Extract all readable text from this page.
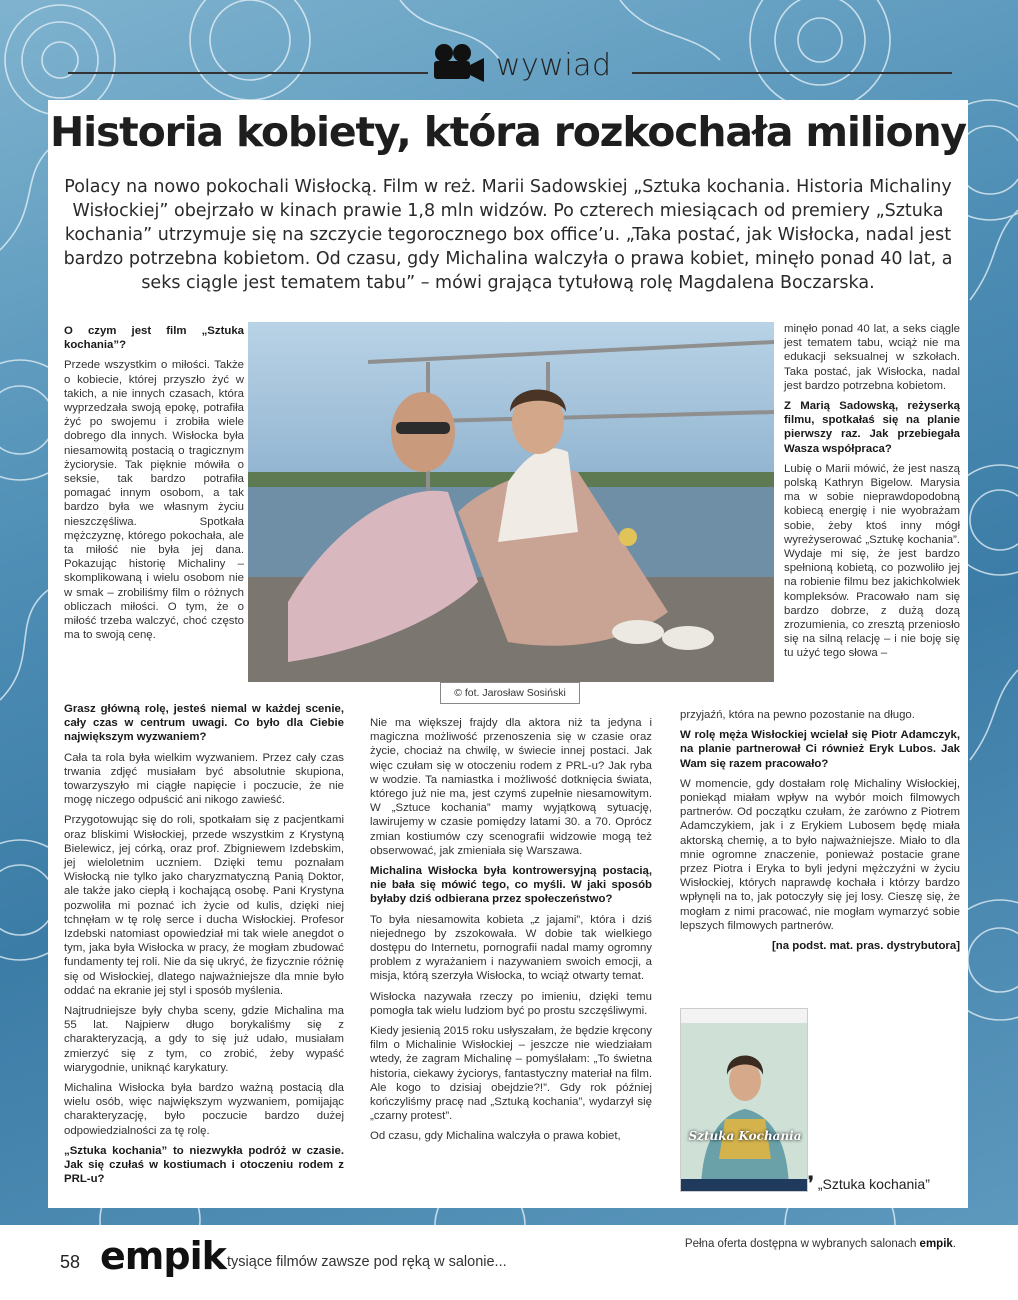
wywiad
Historia kobiety, która rozkochała miliony
Polacy na nowo pokochali Wisłocką. Film w reż. Marii Sadowskiej „Sztuka kochania. Historia Michaliny Wisłockiej” obejrzało w kinach prawie 1,8 mln widzów. Po czterech miesiącach od premiery „Sztuka kochania” utrzymuje się na szczycie tegorocznego box office’u. „Taka postać, jak Wisłocka, nadal jest bardzo potrzebna kobietom. Od czasu, gdy Michalina walczyła o prawa kobiet, minęło ponad 40 lat, a seks ciągle jest tematem tabu” – mówi grająca tytułową rolę Magdalena Boczarska.

O czym jest film „Sztuka kochania”?

Przede wszystkim o miłości. Także o kobiecie, której przyszło żyć w takich, a nie innych czasach, która wyprzedzała swoją epokę, potrafiła żyć po swojemu i zrobiła wiele dobrego dla innych. Wisłocka była niesamowitą postacią o tragicznym życiorysie. Tak pięknie mówiła o seksie, tak bardzo potrafiła pomagać innym osobom, a tak bardzo była we własnym życiu nieszczęśliwa. Spotkała mężczyznę, którego pokochała, ale ta miłość nie była jej dana. Pokazując historię Michaliny – skomplikowaną i wielu osobom nie w smak – zrobiliśmy film o różnych obliczach miłości. O tym, że o miłość trzeba walczyć, choć często ma to swoją cenę.

© fot. Jarosław Sosiński

Grasz główną rolę, jesteś niemal w każdej scenie, cały czas w centrum uwagi. Co było dla Ciebie największym wyzwaniem?

Cała ta rola była wielkim wyzwaniem. Przez cały czas trwania zdjęć musiałam być absolutnie skupiona, towarzyszyło mi ciągłe napięcie i poczucie, że nie mogę niczego odpuścić ani nikogo zawieść.

Przygotowując się do roli, spotkałam się z pacjentkami oraz bliskimi Wisłockiej, przede wszystkim z Krystyną Bielewicz, jej córką, oraz prof. Zbigniewem Izdebskim, jej wieloletnim uczniem. Dzięki temu poznałam Wisłocką nie tylko jako charyzmatyczną Panią Doktor, ale także jako ciepłą i kochającą osobę. Pani Krystyna pozwoliła mi poznać ich życie od kulis, dzięki niej tchnęłam w tę rolę serce i ducha Wisłockiej. Profesor Izdebski natomiast opowiedział mi tak wiele anegdot o tym, jaka była Wisłocka w pracy, że mogłam zbudować fundamenty tej roli. Nie da się ukryć, że fizycznie różnię się od Wisłockiej, dlatego najważniejsze dla mnie było oddać na ekranie jej styl i sposób myślenia.

Najtrudniejsze były chyba sceny, gdzie Michalina ma 55 lat. Najpierw długo borykaliśmy się z charakteryzacją, a gdy to się już udało, musiałam zmierzyć się z tym, co zrobić, żeby wypaść wiarygodnie, uniknąć karykatury.

Michalina Wisłocka była bardzo ważną postacią dla wielu osób, więc największym wyzwaniem, pomijając charakteryzację, było poczucie bardzo dużej odpowiedzialności za tę rolę.

„Sztuka kochania” to niezwykła podróż w czasie. Jak się czułaś w kostiumach i otoczeniu rodem z PRL-u?

Nie ma większej frajdy dla aktora niż ta jedyna i magiczna możliwość przenoszenia się w czasie oraz życie, chociaż na chwilę, w świecie innej postaci. Jak więc czułam się w otoczeniu rodem z PRL-u? Jak ryba w wodzie. Ta namiastka i możliwość dotknięcia świata, którego już nie ma, jest czymś zupełnie niesamowitym. W „Sztuce kochania” mamy wyjątkową sytuację, lawirujemy w czasie pomiędzy latami 30. a 70. Oprócz zmian kostiumów czy scenografii widzowie mogą też obserwować, jak zmieniała się Warszawa.

Michalina Wisłocka była kontrowersyjną postacią, nie bała się mówić tego, co myśli. W jaki sposób byłaby dziś odbierana przez społeczeństwo?

To była niesamowita kobieta „z jajami”, która i dziś niejednego by zszokowała. W dobie tak wielkiego dostępu do Internetu, pornografii nadal mamy ogromny problem z wyrażaniem i nazywaniem swoich emocji, a misja, którą szerzyła Wisłocka, to wciąż otwarty temat.

Wisłocka nazywała rzeczy po imieniu, dzięki temu pomogła tak wielu ludziom być po prostu szczęśliwymi.

Kiedy jesienią 2015 roku usłyszałam, że będzie kręcony film o Michalinie Wisłockiej – jeszcze nie wiedziałam wtedy, że zagram Michalinę – pomyślałam: „To świetna historia, ciekawy życiorys, fantastyczny materiał na film. Ale kogo to dzisiaj obejdzie?!”. Gdy rok później kończyliśmy pracę nad „Sztuką kochania”, wydarzył się „czarny protest”.

Od czasu, gdy Michalina walczyła o prawa kobiet,

minęło ponad 40 lat, a seks ciągle jest tematem tabu, wciąż nie ma edukacji seksualnej w szkołach. Taka postać, jak Wisłocka, nadal jest bardzo potrzebna kobietom.

Z Marią Sadowską, reżyserką filmu, spotkałaś się na planie pierwszy raz. Jak przebiegała Wasza współpraca?

Lubię o Marii mówić, że jest naszą polską Kathryn Bigelow. Marysia ma w sobie nieprawdopodobną kobiecą energię i nie wyobrażam sobie, żeby ktoś inny mógł wyreżyserować „Sztukę kochania”. Wydaje mi się, że jest bardzo spełnioną kobietą, co pozwoliło jej na robienie filmu bez jakichkolwiek kompleksów. Pracowało nam się bardzo dobrze, z dużą dozą zrozumienia, co zresztą przeniosło się na silną relację – i nie boję się tu użyć tego słowa –

przyjaźń, która na pewno pozostanie na długo.

W rolę męża Wisłockiej wcielał się Piotr Adamczyk, na planie partnerował Ci również Eryk Lubos. Jak Wam się razem pracowało?

W momencie, gdy dostałam rolę Michaliny Wisłockiej, poniekąd miałam wpływ na wybór moich filmowych partnerów. Od początku czułam, że zarówno z Piotrem Adamczykiem, jak i z Erykiem Lubosem będę miała aktorską chemię, a to było najważniejsze. Miało to dla mnie ogromne znaczenie, ponieważ postacie grane przez Piotra i Eryka to byli jedyni mężczyźni w życiu Wisłockiej, których naprawdę kochała i którzy bardzo wpłynęli na to, jak potoczyły się jej losy. Cieszę się, że mogłam z nimi pracować, nie mogłam wymarzyć sobie lepszych filmowych partnerów.

[na podst. mat. pras. dystrybutora]

Sztuka Kochania
❜ „Sztuka kochania”
58 empik tysiące filmów zawsze pod ręką w salonie...
Pełna oferta dostępna w wybranych salonach empik.
